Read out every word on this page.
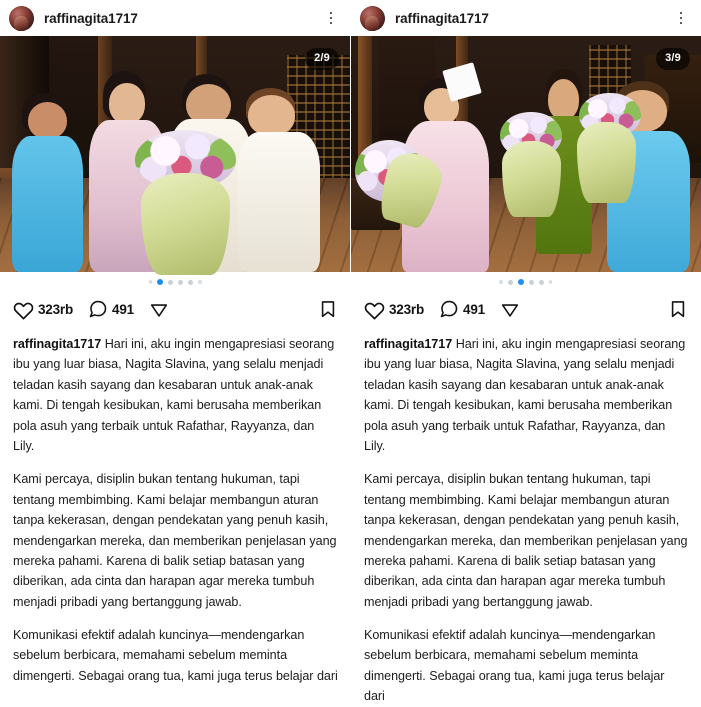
raffinagita1717
2/9
323rb	491

raffinagita1717 Hari ini, aku ingin mengapresiasi seorang ibu yang luar biasa, Nagita Slavina, yang selalu menjadi teladan kasih sayang dan kesabaran untuk anak-anak kami. Di tengah kesibukan, kami berusaha memberikan pola asuh yang terbaik untuk Rafathar, Rayyanza, dan Lily.

Kami percaya, disiplin bukan tentang hukuman, tapi tentang membimbing. Kami belajar membangun aturan tanpa kekerasan, dengan pendekatan yang penuh kasih, mendengarkan mereka, dan memberikan penjelasan yang mereka pahami. Karena di balik setiap batasan yang diberikan, ada cinta dan harapan agar mereka tumbuh menjadi pribadi yang bertanggung jawab.

Komunikasi efektif adalah kuncinya—mendengarkan sebelum berbicara, memahami sebelum meminta dimengerti. Sebagai orang tua, kami juga terus belajar dari

raffinagita1717
3/9
323rb	491

raffinagita1717 Hari ini, aku ingin mengapresiasi seorang ibu yang luar biasa, Nagita Slavina, yang selalu menjadi teladan kasih sayang dan kesabaran untuk anak-anak kami. Di tengah kesibukan, kami berusaha memberikan pola asuh yang terbaik untuk Rafathar, Rayyanza, dan Lily.

Kami percaya, disiplin bukan tentang hukuman, tapi tentang membimbing. Kami belajar membangun aturan tanpa kekerasan, dengan pendekatan yang penuh kasih, mendengarkan mereka, dan memberikan penjelasan yang mereka pahami. Karena di balik setiap batasan yang diberikan, ada cinta dan harapan agar mereka tumbuh menjadi pribadi yang bertanggung jawab.

Komunikasi efektif adalah kuncinya—mendengarkan sebelum berbicara, memahami sebelum meminta dimengerti. Sebagai orang tua, kami juga terus belajar dari
